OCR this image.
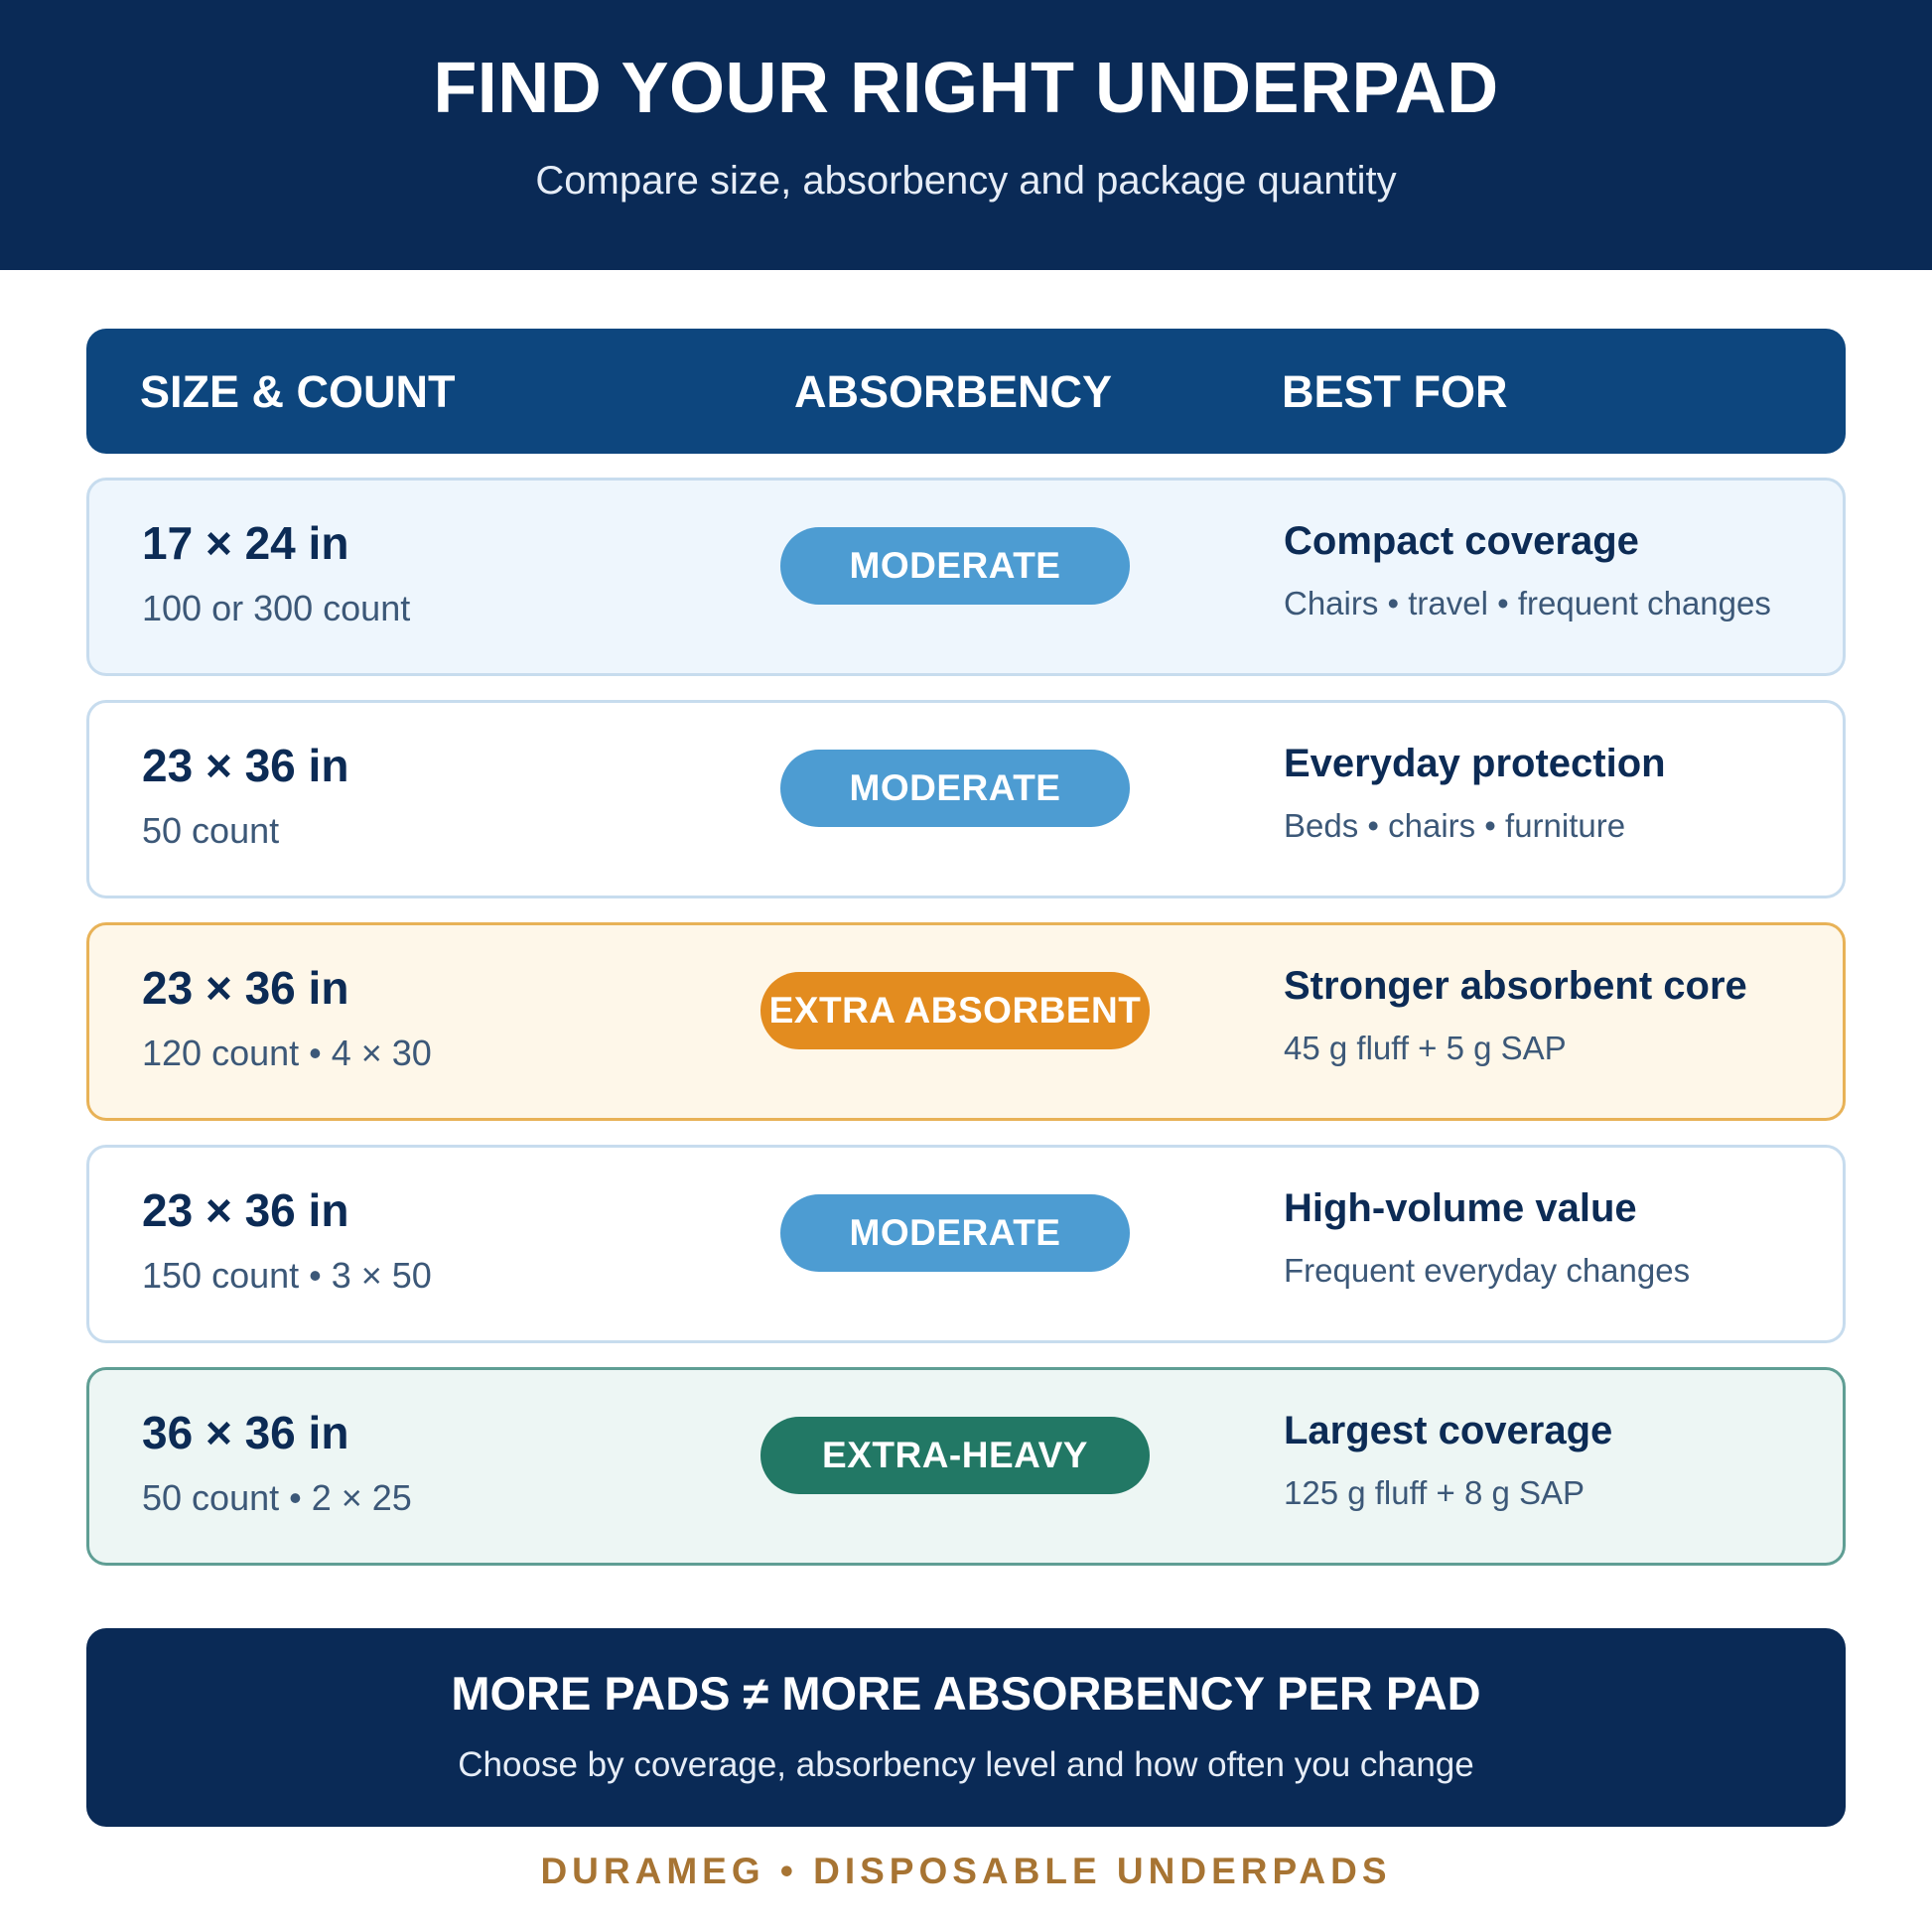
FIND YOUR RIGHT UNDERPAD
Compare size, absorbency and package quantity
SIZE & COUNT	ABSORBENCY	BEST FOR
17 × 24 in
100 or 300 count
MODERATE
Compact coverage
Chairs • travel • frequent changes
23 × 36 in
50 count
MODERATE
Everyday protection
Beds • chairs • furniture
23 × 36 in
120 count • 4 × 30
EXTRA ABSORBENT
Stronger absorbent core
45 g fluff + 5 g SAP
23 × 36 in
150 count • 3 × 50
MODERATE
High-volume value
Frequent everyday changes
36 × 36 in
50 count • 2 × 25
EXTRA-HEAVY
Largest coverage
125 g fluff + 8 g SAP
MORE PADS ≠ MORE ABSORBENCY PER PAD
Choose by coverage, absorbency level and how often you change
DURAMEG • DISPOSABLE UNDERPADS
